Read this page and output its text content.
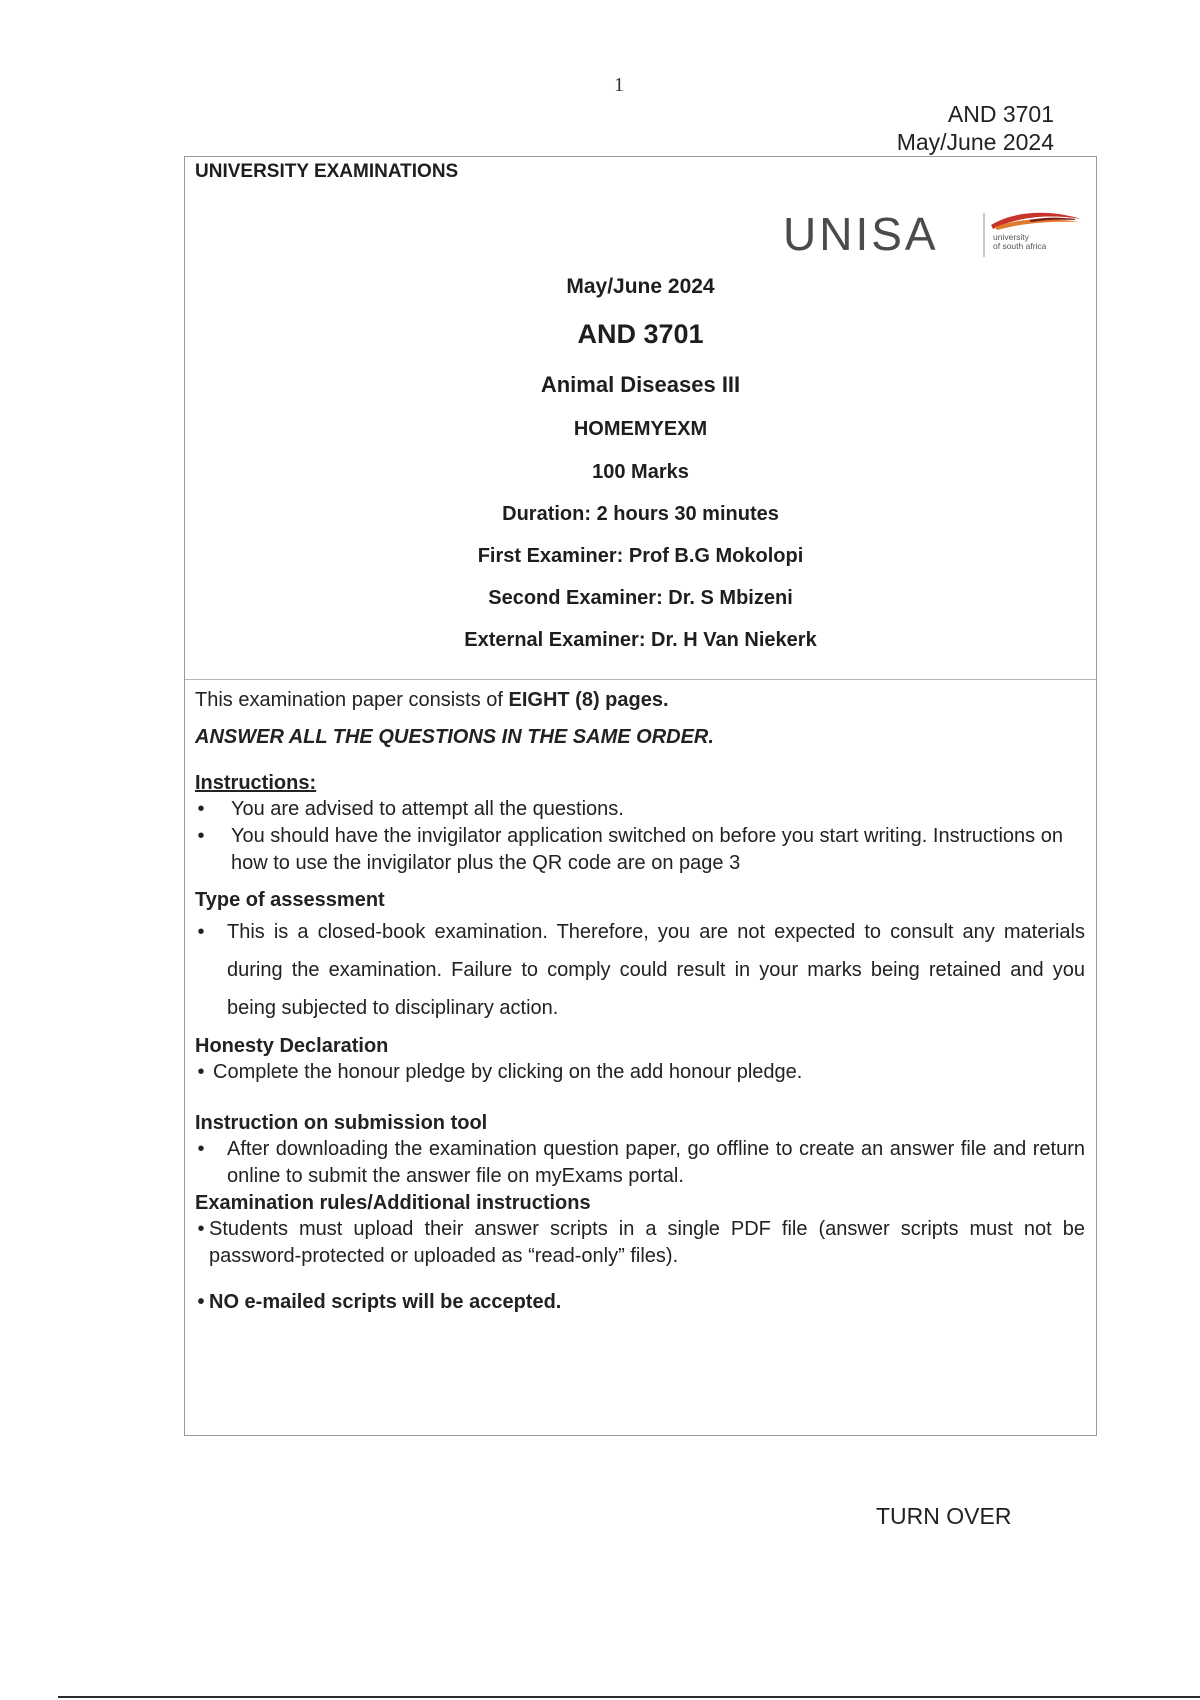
1
AND 3701
May/June 2024
UNIVERSITY EXAMINATIONS
UNISA	university
of south africa
May/June 2024
AND 3701
Animal Diseases III
HOMEMYEXM
100 Marks
Duration: 2 hours 30 minutes
First Examiner: Prof B.G Mokolopi
Second Examiner: Dr. S Mbizeni
External Examiner: Dr. H Van Niekerk

This examination paper consists of EIGHT (8) pages.

ANSWER ALL THE QUESTIONS IN THE SAME ORDER.

Instructions:

• You are advised to attempt all the questions.
• You should have the invigilator application switched on before you start writing. Instructions on how to use the invigilator plus the QR code are on page 3

Type of assessment

• This is a closed-book examination. Therefore, you are not expected to consult any materials during the examination. Failure to comply could result in your marks being retained and you being subjected to disciplinary action.

Honesty Declaration

• Complete the honour pledge by clicking on the add honour pledge.

Instruction on submission tool

• After downloading the examination question paper, go offline to create an answer file and return online to submit the answer file on myExams portal.

Examination rules/Additional instructions

• Students must upload their answer scripts in a single PDF file (answer scripts must not be password-protected or uploaded as “read-only” files).

• NO e-mailed scripts will be accepted.

TURN OVER
